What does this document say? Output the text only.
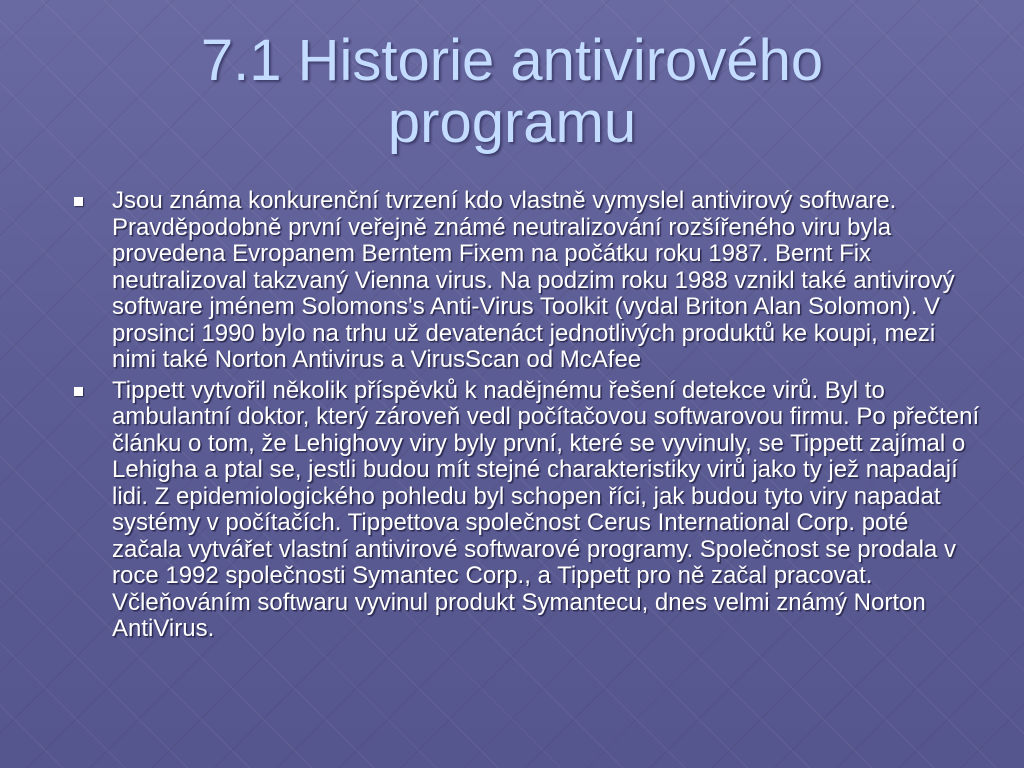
7.1 Historie antivirového
programu
Jsou známa konkurenční tvrzení kdo vlastně vymyslel antivirový software. Pravděpodobně první veřejně známé neutralizování rozšířeného viru byla provedena Evropanem Berntem Fixem na počátku roku 1987. Bernt Fix neutralizoval takzvaný Vienna virus. Na podzim roku 1988 vznikl také antivirový software jménem Solomons's Anti-Virus Toolkit (vydal Briton Alan Solomon). V prosinci 1990 bylo na trhu už devatenáct jednotlivých produktů ke koupi, mezi nimi také Norton Antivirus a VirusScan od McAfee
Tippett vytvořil několik příspěvků k nadějnému řešení detekce virů. Byl to ambulantní doktor, který zároveň vedl počítačovou softwarovou firmu. Po přečtení článku o tom, že Lehighovy viry byly první, které se vyvinuly, se Tippett zajímal o Lehigha a ptal se, jestli budou mít stejné charakteristiky virů jako ty jež napadají lidi. Z epidemiologického pohledu byl schopen říci, jak budou tyto viry napadat systémy v počítačích. Tippettova společnost Cerus International Corp. poté začala vytvářet vlastní antivirové softwarové programy. Společnost se prodala v roce 1992 společnosti Symantec Corp., a Tippett pro ně začal pracovat. Včleňováním softwaru vyvinul produkt Symantecu, dnes velmi známý Norton AntiVirus.
